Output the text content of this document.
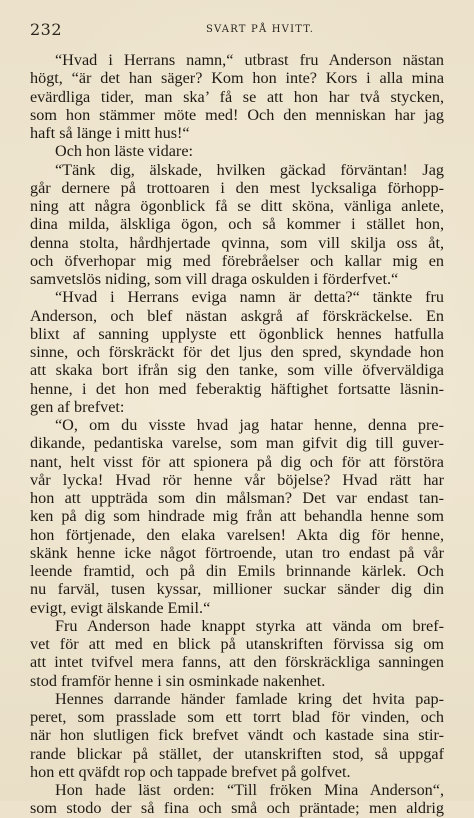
232	SVART PÅ HVITT.
“Hvad i Herrans namn,“ utbrast fru Anderson nästan
högt, “är det han säger? Kom hon inte? Kors i alla mina
evärdliga tider, man ska’ få se att hon har två stycken,
som hon stämmer möte med! Och den menniskan har jag
haft så länge i mitt hus!“
Och hon läste vidare:
“Tänk dig, älskade, hvilken gäckad förväntan! Jag
går dernere på trottoaren i den mest lycksaliga förhopp-
ning att några ögonblick få se ditt sköna, vänliga anlete,
dina milda, älskliga ögon, och så kommer i stället hon,
denna stolta, hårdhjertade qvinna, som vill skilja oss åt,
och öfverhopar mig med förebråelser och kallar mig en
samvetslös niding, som vill draga oskulden i förderfvet.“
“Hvad i Herrans eviga namn är detta?“ tänkte fru
Anderson, och blef nästan askgrå af förskräckelse. En
blixt af sanning upplyste ett ögonblick hennes hatfulla
sinne, och förskräckt för det ljus den spred, skyndade hon
att skaka bort ifrån sig den tanke, som ville öfverväldiga
henne, i det hon med feberaktig häftighet fortsatte läsnin-
gen af brefvet:
“O, om du visste hvad jag hatar henne, denna pre-
dikande, pedantiska varelse, som man gifvit dig till guver-
nant, helt visst för att spionera på dig och för att förstöra
vår lycka! Hvad rör henne vår böjelse? Hvad rätt har
hon att uppträda som din målsman? Det var endast tan-
ken på dig som hindrade mig från att behandla henne som
hon förtjenade, den elaka varelsen! Akta dig för henne,
skänk henne icke något förtroende, utan tro endast på vår
leende framtid, och på din Emils brinnande kärlek. Och
nu farväl, tusen kyssar, millioner suckar sänder dig din
evigt, evigt älskande Emil.“
Fru Anderson hade knappt styrka att vända om bref-
vet för att med en blick på utanskriften förvissa sig om
att intet tvifvel mera fanns, att den förskräckliga sanningen
stod framför henne i sin osminkade nakenhet.
Hennes darrande händer famlade kring det hvita pap-
peret, som prasslade som ett torrt blad för vinden, och
när hon slutligen fick brefvet vändt och kastade sina stir-
rande blickar på stället, der utanskriften stod, så uppgaf
hon ett qväfdt rop och tappade brefvet på golfvet.
Hon hade läst orden: “Till fröken Mina Anderson“,
som stodo der så fina och små och präntade; men aldrig
